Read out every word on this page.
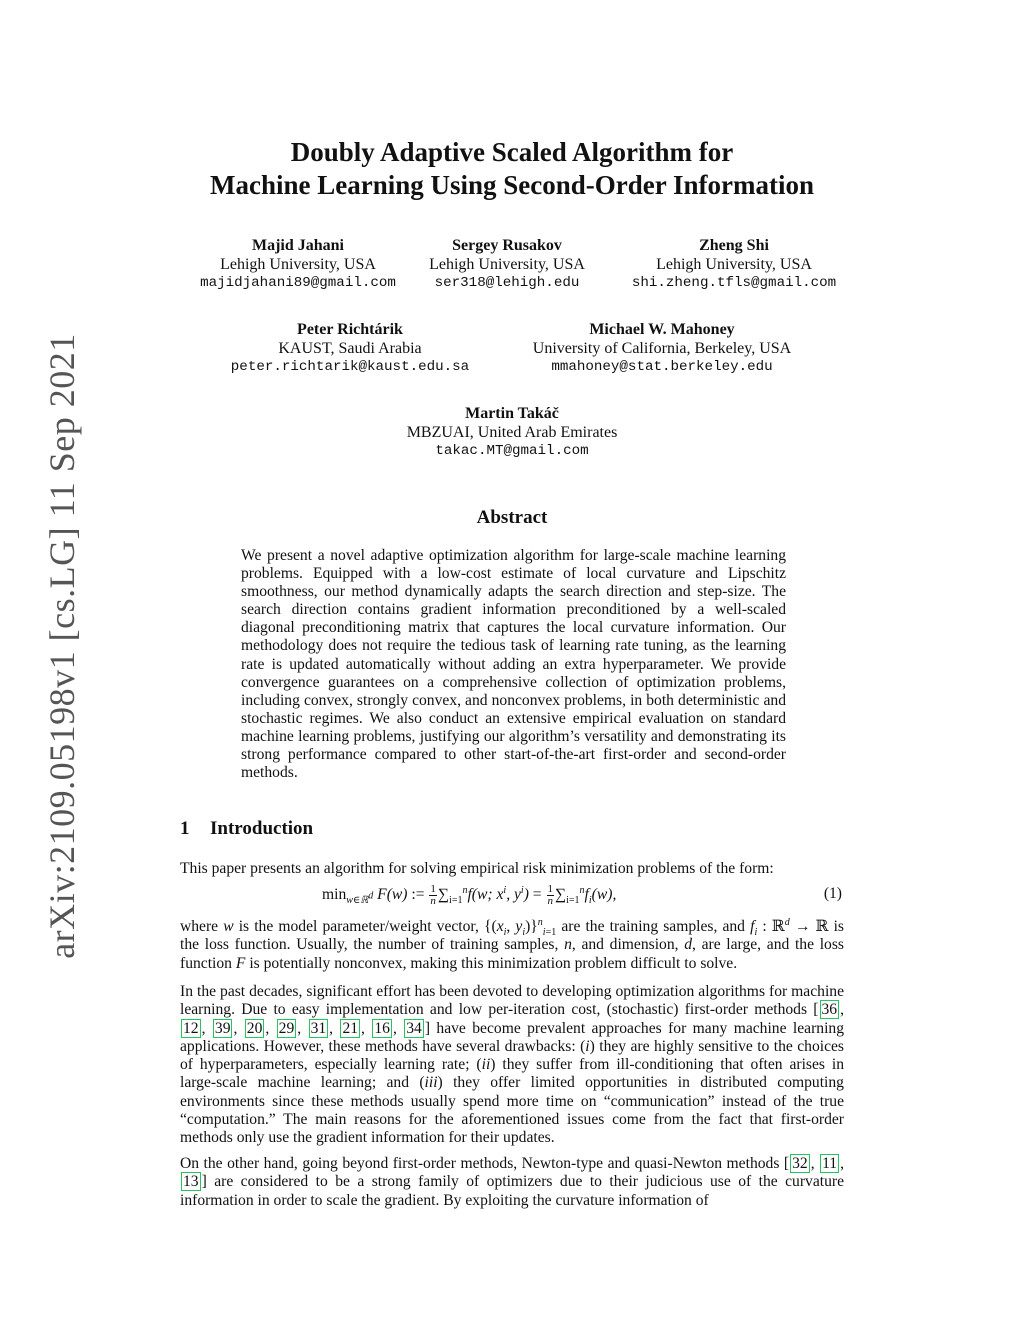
arXiv:2109.05198v1 [cs.LG] 11 Sep 2021
Doubly Adaptive Scaled Algorithm for
Machine Learning Using Second-Order Information
Majid Jahani
Lehigh University, USA
majidjahani89@gmail.com
Sergey Rusakov
Lehigh University, USA
ser318@lehigh.edu
Zheng Shi
Lehigh University, USA
shi.zheng.tfls@gmail.com
Peter Richtárik
KAUST, Saudi Arabia
peter.richtarik@kaust.edu.sa
Michael W. Mahoney
University of California, Berkeley, USA
mmahoney@stat.berkeley.edu
Martin Takáč
MBZUAI, United Arab Emirates
takac.MT@gmail.com
Abstract
We present a novel adaptive optimization algorithm for large-scale machine learning problems. Equipped with a low-cost estimate of local curvature and Lipschitz smoothness, our method dynamically adapts the search direction and step-size. The search direction contains gradient information preconditioned by a well-scaled diagonal preconditioning matrix that captures the local curvature information. Our methodology does not require the tedious task of learning rate tuning, as the learning rate is updated automatically without adding an extra hyperparameter. We provide convergence guarantees on a comprehensive collection of optimization problems, including convex, strongly convex, and nonconvex problems, in both deterministic and stochastic regimes. We also conduct an extensive empirical evaluation on standard machine learning problems, justifying our algorithm’s versatility and demonstrating its strong performance compared to other start-of-the-art first-order and second-order methods.
1 Introduction
This paper presents an algorithm for solving empirical risk minimization problems of the form:
$\min_{w\in ℝ^d} F(w)$ := $\frac{1}{n} \sum_{i=1}^nf(w$; $x^i$, $y^i) = \frac{1}{n} \sum_{i=1}^nf_i(w)$,	(1)
where w is the model parameter/weight vector, {($x_i$, $y_i)\}^n_{i=1}$ are the training samples, and $f_i$ : ℝ$^d$ → ℝ is the loss function. Usually, the number of training samples, n, and dimension, d, are large, and the loss function F is potentially nonconvex, making this minimization problem difficult to solve.
In the past decades, significant effort has been devoted to developing optimization algorithms for machine learning. Due to easy implementation and low per-iteration cost, (stochastic) first-order methods [ 36 , 12 , 39 , 20 , 29 , 31 , 21 , 16 , 34 ] have become prevalent approaches for many machine learning applications. However, these methods have several drawbacks: (i) they are highly sensitive to the choices of hyperparameters, especially learning rate; (ii) they suffer from ill-conditioning that often arises in large-scale machine learning; and (iii) they offer limited opportunities in distributed computing environments since these methods usually spend more time on “communication” instead of the true “computation.” The main reasons for the aforementioned issues come from the fact that first-order methods only use the gradient information for their updates.
On the other hand, going beyond first-order methods, Newton-type and quasi-Newton methods [ 32 , 11 , 13 ] are considered to be a strong family of optimizers due to their judicious use of the curvature information in order to scale the gradient. By exploiting the curvature information of
